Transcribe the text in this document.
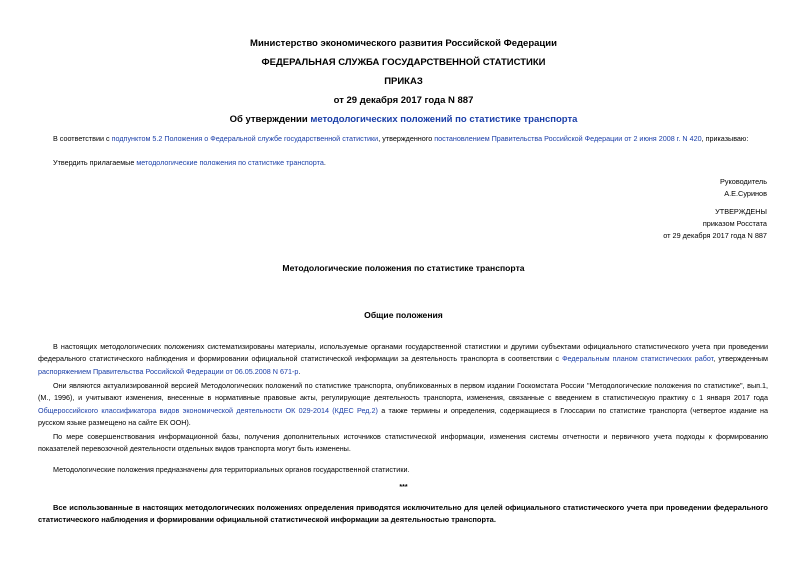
Министерство экономического развития Российской Федерации
ФЕДЕРАЛЬНАЯ СЛУЖБА ГОСУДАРСТВЕННОЙ СТАТИСТИКИ
ПРИКАЗ
от 29 декабря 2017 года N 887
Об утверждении методологических положений по статистике транспорта
В соответствии с подпунктом 5.2 Положения о Федеральной службе государственной статистики, утвержденного постановлением Правительства Российской Федерации от 2 июня 2008 г. N 420, приказываю:
Утвердить прилагаемые методологические положения по статистике транспорта.
Руководитель
А.Е.Суринов
УТВЕРЖДЕНЫ
приказом Росстата
от 29 декабря 2017 года N 887
Методологические положения по статистике транспорта
Общие положения
В настоящих методологических положениях систематизированы материалы, используемые органами государственной статистики и другими субъектами официального статистического учета при проведении федерального статистического наблюдения и формировании официальной статистической информации за деятельность транспорта в соответствии с Федеральным планом статистических работ, утвержденным распоряжением Правительства Российской Федерации от 06.05.2008 N 671-р.
Они являются актуализированной версией Методологических положений по статистике транспорта, опубликованных в первом издании Госкомстата России "Методологические положения по статистике", вып.1, (М., 1996), и учитывают изменения, внесенные в нормативные правовые акты, регулирующие деятельность транспорта, изменения, связанные с введением в статистическую практику с 1 января 2017 года Общероссийского классификатора видов экономической деятельности ОК 029-2014 (КДЕС Ред.2) а также термины и определения, содержащиеся в Глоссарии по статистике транспорта (четвертое издание на русском языке размещено на сайте ЕК ООН).
По мере совершенствования информационной базы, получения дополнительных источников статистической информации, изменения системы отчетности и первичного учета подходы к формированию показателей перевозочной деятельности отдельных видов транспорта могут быть изменены.
Методологические положения предназначены для территориальных органов государственной статистики.
***
Все использованные в настоящих методологических положениях определения приводятся исключительно для целей официального статистического учета при проведении федерального статистического наблюдения и формировании официальной статистической информации за деятельностью транспорта.
